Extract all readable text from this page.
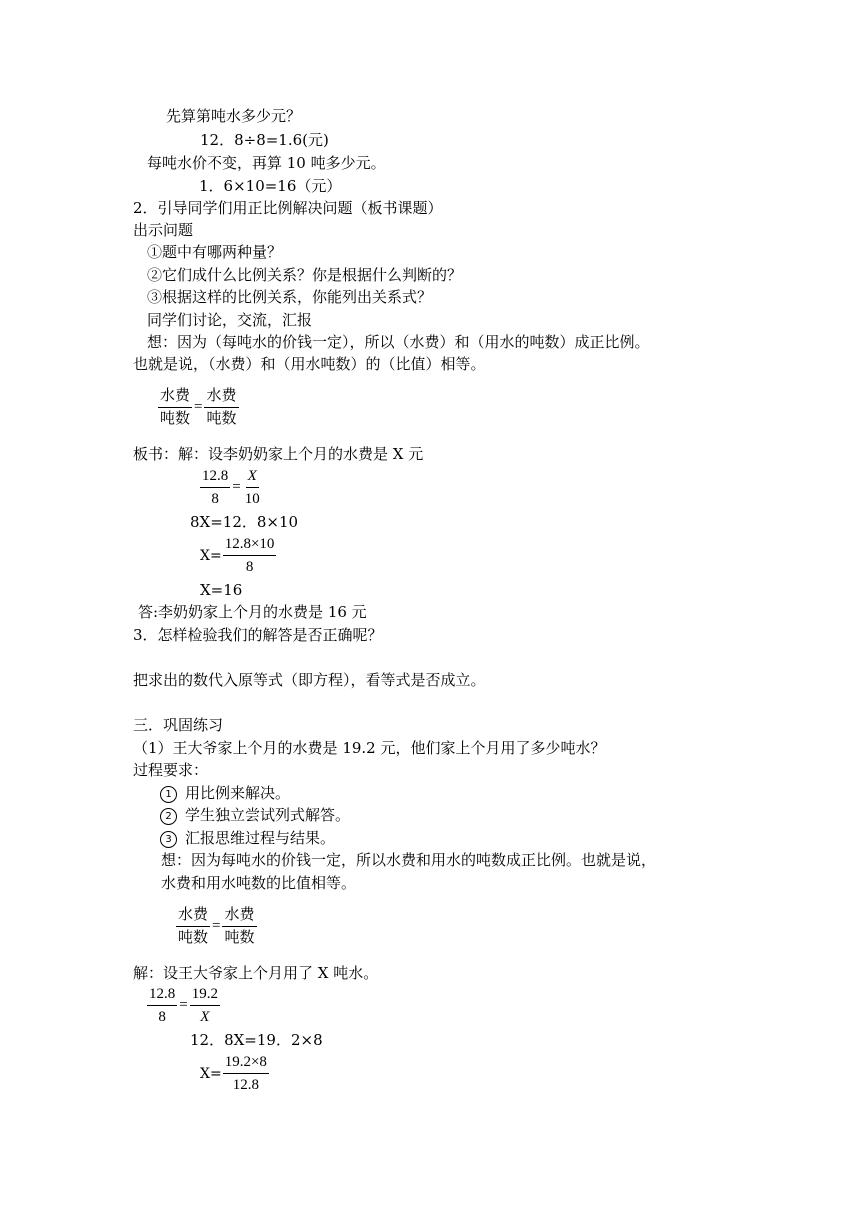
先算第吨水多少元？
12．8÷8=1.6(元)
每吨水价不变，再算 10 吨多少元。
1．6×10=16（元）
2．引导同学们用正比例解决问题（板书课题）
出示问题
①题中有哪两种量？
②它们成什么比例关系？你是根据什么判断的？
③根据这样的比例关系，你能列出关系式？
同学们讨论，交流，汇报
想：因为（每吨水的价钱一定），所以（水费）和（用水的吨数）成正比例。
也就是说，（水费）和（用水吨数）的（比值）相等。
$\frac{\text{水费}}{\text{吨数}} = \frac{\text{水费}}{\text{吨数}}$
板书：解：设李奶奶家上个月的水费是 X 元
$\frac{12.8}{8} = \frac{X}{10}$
8X=12．8×10
$X= \frac{12.8\times 10}{8}$
X=16
答:李奶奶家上个月的水费是 16 元
3．怎样检验我们的解答是否正确呢？
把求出的数代入原等式（即方程），看等式是否成立。
三．巩固练习
（1）王大爷家上个月的水费是 19.2 元，他们家上个月用了多少吨水？
过程要求：
1 用比例来解决。
2 学生独立尝试列式解答。
3 汇报思维过程与结果。
想：因为每吨水的价钱一定，所以水费和用水的吨数成正比例。也就是说，
水费和用水吨数的比值相等。
$\frac{\text{水费}}{\text{吨数}} = \frac{\text{水费}}{\text{吨数}}$
解：设王大爷家上个月用了 X 吨水。
$\frac{12.8}{8} = \frac{19.2}{X}$
12．8X=19．2×8
$X= \frac{19.2\times 8}{12.8}$
